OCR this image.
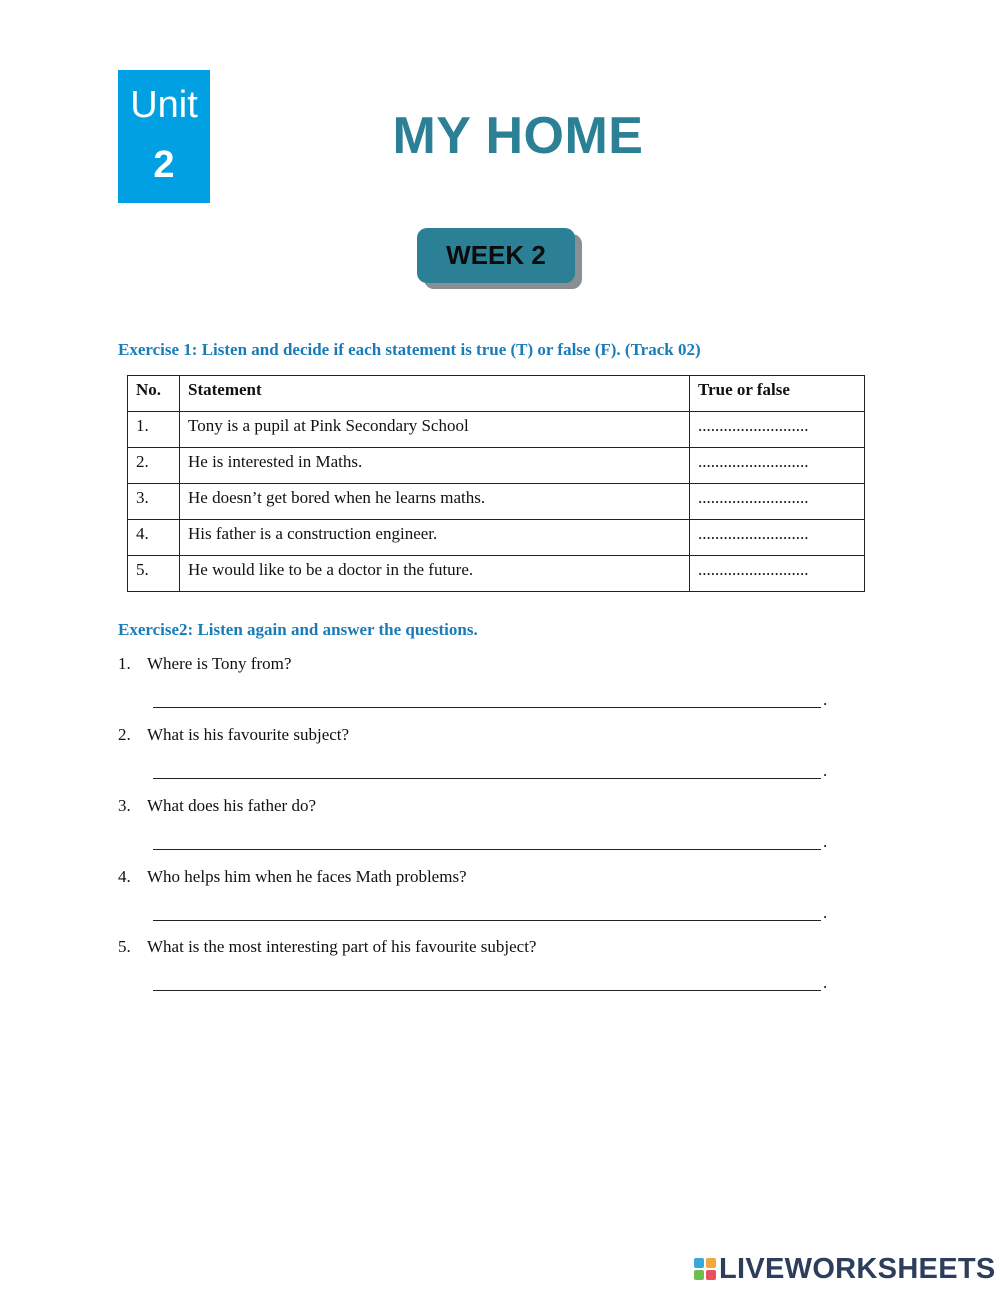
Unit
2	MY HOME
WEEK 2
Exercise 1: Listen and decide if each statement is true (T) or false (F). (Track 02)
No.	Statement	True or false
1.	Tony is a pupil at Pink Secondary School	..........................
2.	He is interested in Maths.	..........................
3.	He doesn’t get bored when he learns maths.	..........................
4.	His father is a construction engineer.	..........................
5.	He would like to be a doctor in the future.	..........................
Exercise2: Listen again and answer the questions.
1. Where is Tony from?
.
2. What is his favourite subject?
.
3. What does his father do?
.
4. Who helps him when he faces Math problems?
.
5. What is the most interesting part of his favourite subject?
.
LIVEWORKSHEETS
